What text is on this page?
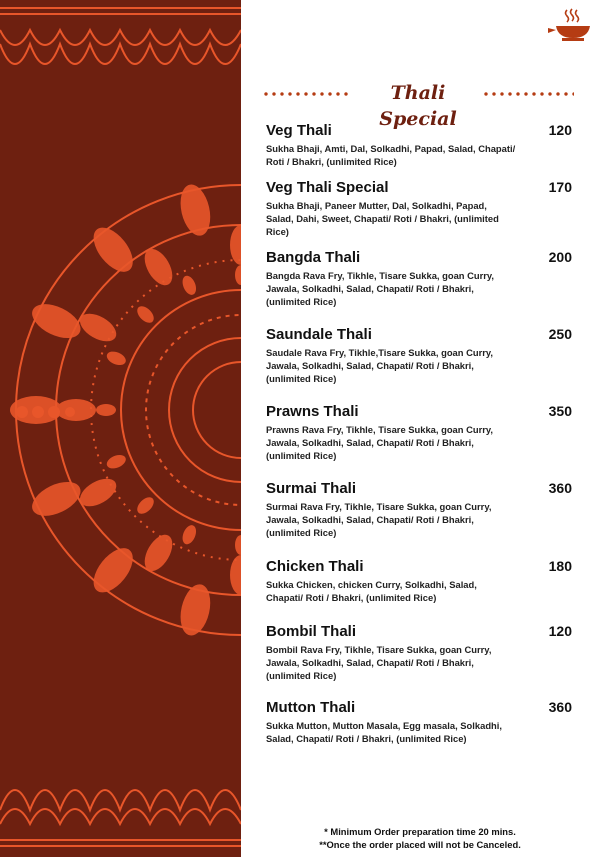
Thali Special
Veg Thali	120
Sukha Bhaji, Amti, Dal, Solkadhi, Papad, Salad, Chapati/ Roti / Bhakri, (unlimited Rice)
Veg Thali Special	170
Sukha Bhaji, Paneer Mutter, Dal, Solkadhi, Papad, Salad, Dahi, Sweet, Chapati/ Roti / Bhakri, (unlimited Rice)
Bangda Thali	200
Bangda Rava Fry, Tikhle, Tisare Sukka, goan Curry, Jawala, Solkadhi, Salad, Chapati/ Roti / Bhakri, (unlimited Rice)
Saundale Thali	250
Saudale Rava Fry, Tikhle,Tisare Sukka, goan Curry, Jawala, Solkadhi, Salad, Chapati/ Roti / Bhakri, (unlimited Rice)
Prawns Thali	350
Prawns Rava Fry, Tikhle, Tisare Sukka, goan Curry, Jawala, Solkadhi, Salad, Chapati/ Roti / Bhakri, (unlimited Rice)
Surmai Thali	360
Surmai Rava Fry, Tikhle, Tisare Sukka, goan Curry, Jawala, Solkadhi, Salad, Chapati/ Roti / Bhakri, (unlimited Rice)
Chicken Thali	180
Sukka Chicken, chicken Curry, Solkadhi, Salad, Chapati/ Roti / Bhakri, (unlimited Rice)
Bombil Thali	120
Bombil Rava Fry, Tikhle, Tisare Sukka, goan Curry, Jawala, Solkadhi, Salad, Chapati/ Roti / Bhakri, (unlimited Rice)
Mutton Thali	360
Sukka Mutton, Mutton Masala, Egg masala, Solkadhi, Salad, Chapati/ Roti / Bhakri, (unlimited Rice)
* Minimum Order preparation time 20 mins.
**Once the order placed will not be Canceled.
